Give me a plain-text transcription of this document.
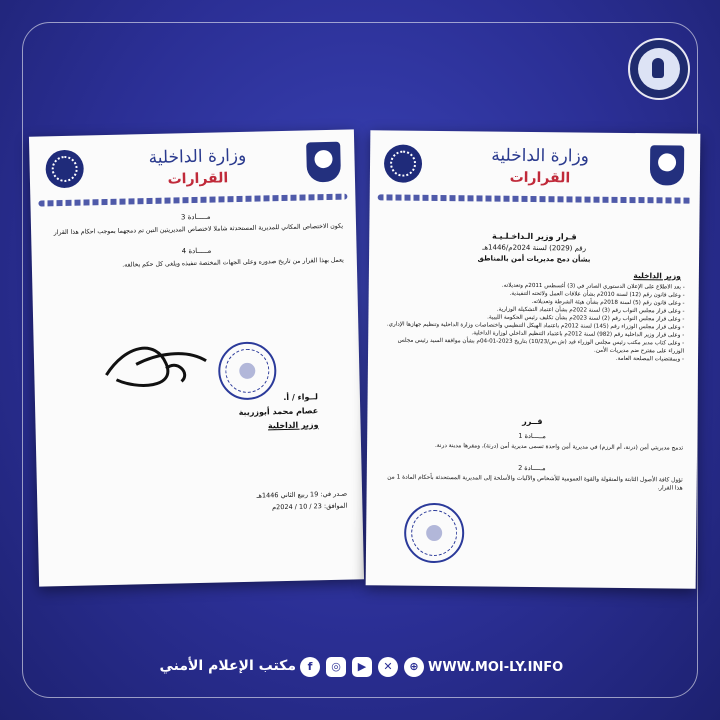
وزارة الداخلية
القرارات
مـــــادة 3
يكون الاختصاص المكاني للمديرية المستحدثة شاملا لاختصاص المديريتين التين تم دمجهما بموجب احكام هذا القرار
مـــــادة 4
يعمل بهذا القرار من تاريخ صدوره وعلى الجهات المختصة تنفيذه ويلغى كل حكم يخالفه.
لــواء / أ.
عصام محمد أبوزريبة
وزير الداخلية
صـدر في: 19 ربيع الثاني 1446هـ
الموافق: 23 / 10 / 2024م
وزارة الداخلية
القرارات
قـرار وزير الـداخـلـيـة
رقم (2029) لسنة 2024م/1446هـ
بشأن دمج مديريات أمن بالمناطق
وزير الداخلية
- بعد الاطلاع على الإعلان الدستوري الصادر في (3) أغسطس 2011م وتعديلاته.
- وعلى قانون رقم (12) لسنة 2010م بشأن علاقات العمل ولائحته التنفيذية.
- وعلى قانون رقم (5) لسنة 2018م بشأن هيئة الشرطة وتعديلاته.
- وعلى قرار مجلس النواب رقم (3) لسنة 2022م بشأن اعتماد التشكيلة الوزارية.
- وعلى قرار مجلس النواب رقم (2) لسنة 2023م بشأن تكليف رئيس الحكومة الليبية.
- وعلى قرار مجلس الوزراء رقم (145) لسنة 2012م باعتماد الهيكل التنظيمي واختصاصات وزارة الداخلية وتنظيم جهازها الإداري.
- وعلى قرار وزير الداخلية رقم (982) لسنة 2012م باعتماد التنظيم الداخلي لوزارة الداخلية.
- وعلى كتاب مدير مكتب رئيس مجلس الوزراء قيد (ش.س/10/23) بتاريخ 2023-01-04م بشأن موافقة السيد رئيس مجلس الوزراء على مقترح ضم مديريات الأمن.
- وبمقتضيات المصلحة العامة.
قــرر
مـــــادة 1
تدمج مديريتي أمن (درنة، أم الرزم) في مديرية أمن واحدة تسمى مديرية أمن (درنة)، ومقرها مدينة درنة.
مـــــادة 2
تؤول كافة الأصول الثابتة والمنقولة والقوة العمومية للأشخاص والآليات والأسلحة إلى المديرية المستحدثة بأحكام المادة 1 من هذا القرار.
مكتب الإعلام الأمني	f	◎	▶	✕	WWW.MOI-LY.INFO
⊕
